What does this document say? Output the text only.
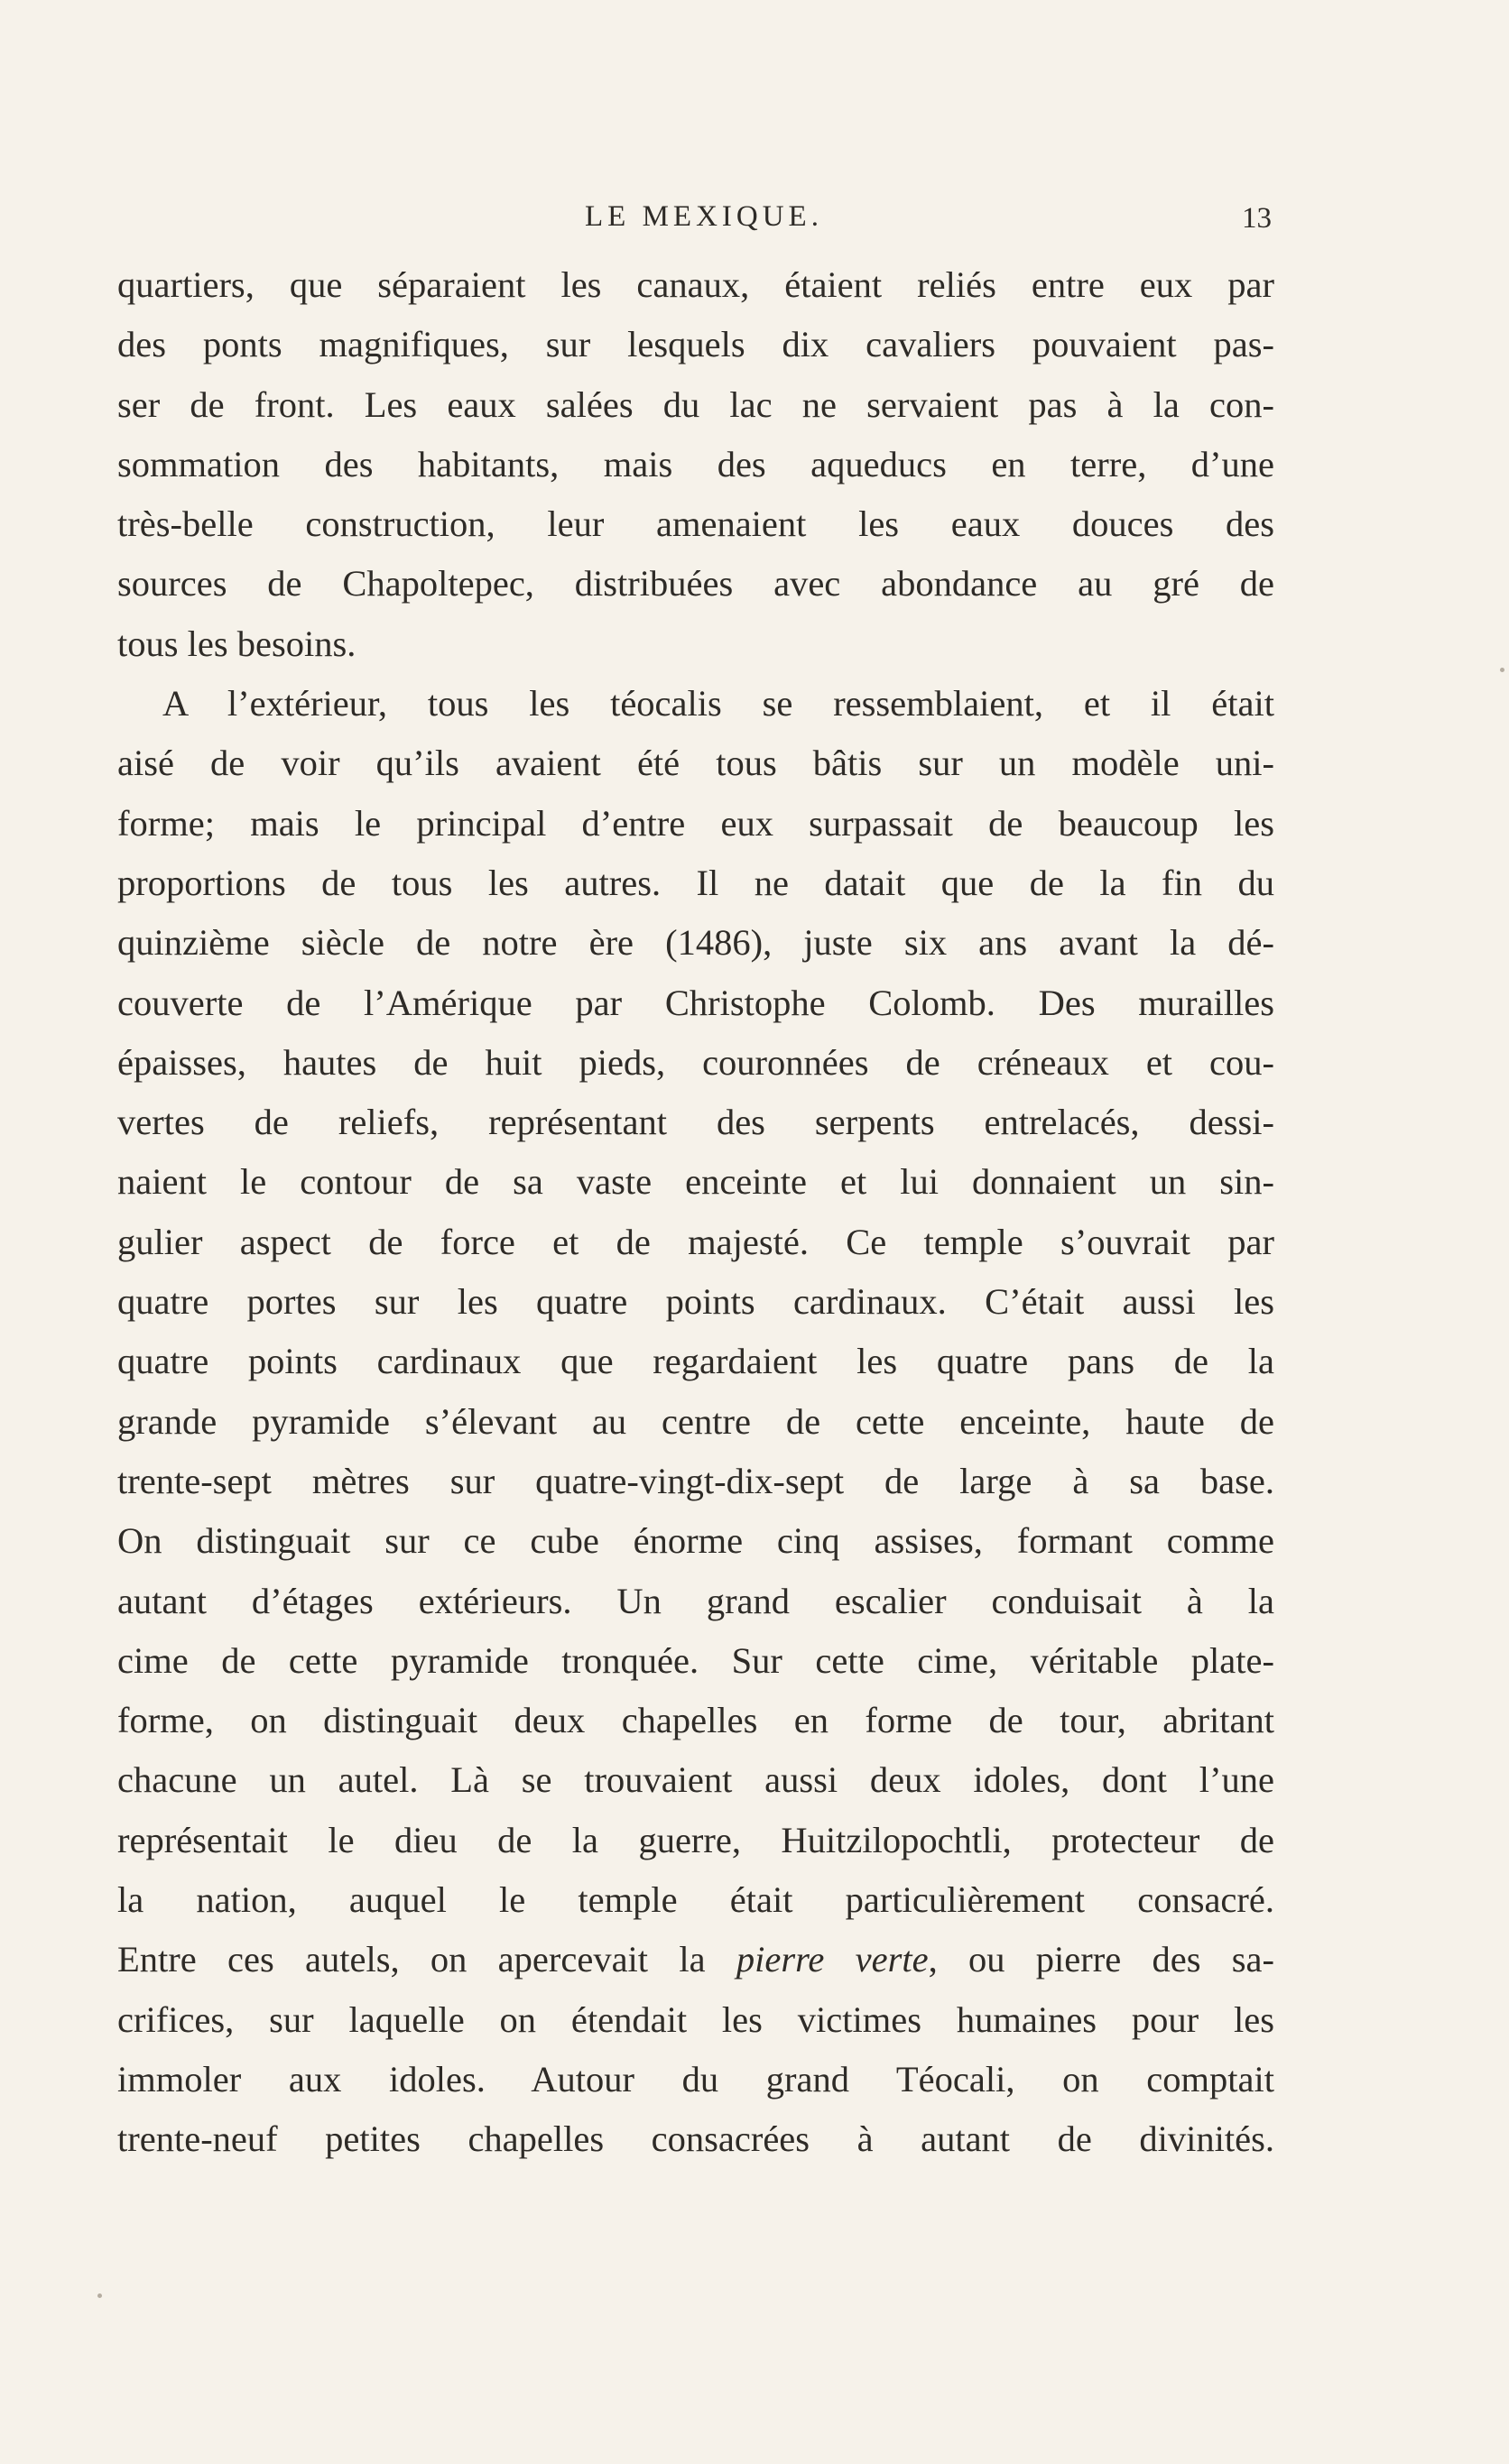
LE MEXIQUE.	13
quartiers, que séparaient les canaux, étaient reliés entre eux par
des ponts magnifiques, sur lesquels dix cavaliers pouvaient pas-
ser de front. Les eaux salées du lac ne servaient pas à la con-
sommation des habitants, mais des aqueducs en terre, d’une
très-belle construction, leur amenaient les eaux douces des
sources de Chapoltepec, distribuées avec abondance au gré de
tous les besoins.
A l’extérieur, tous les téocalis se ressemblaient, et il était
aisé de voir qu’ils avaient été tous bâtis sur un modèle uni-
forme; mais le principal d’entre eux surpassait de beaucoup les
proportions de tous les autres. Il ne datait que de la fin du
quinzième siècle de notre ère (1486), juste six ans avant la dé-
couverte de l’Amérique par Christophe Colomb. Des murailles
épaisses, hautes de huit pieds, couronnées de créneaux et cou-
vertes de reliefs, représentant des serpents entrelacés, dessi-
naient le contour de sa vaste enceinte et lui donnaient un sin-
gulier aspect de force et de majesté. Ce temple s’ouvrait par
quatre portes sur les quatre points cardinaux. C’était aussi les
quatre points cardinaux que regardaient les quatre pans de la
grande pyramide s’élevant au centre de cette enceinte, haute de
trente-sept mètres sur quatre-vingt-dix-sept de large à sa base.
On distinguait sur ce cube énorme cinq assises, formant comme
autant d’étages extérieurs. Un grand escalier conduisait à la
cime de cette pyramide tronquée. Sur cette cime, véritable plate-
forme, on distinguait deux chapelles en forme de tour, abritant
chacune un autel. Là se trouvaient aussi deux idoles, dont l’une
représentait le dieu de la guerre, Huitzilopochtli, protecteur de
la nation, auquel le temple était particulièrement consacré.
Entre ces autels, on apercevait la pierre verte, ou pierre des sa-
crifices, sur laquelle on étendait les victimes humaines pour les
immoler aux idoles. Autour du grand Téocali, on comptait
trente-neuf petites chapelles consacrées à autant de divinités.
